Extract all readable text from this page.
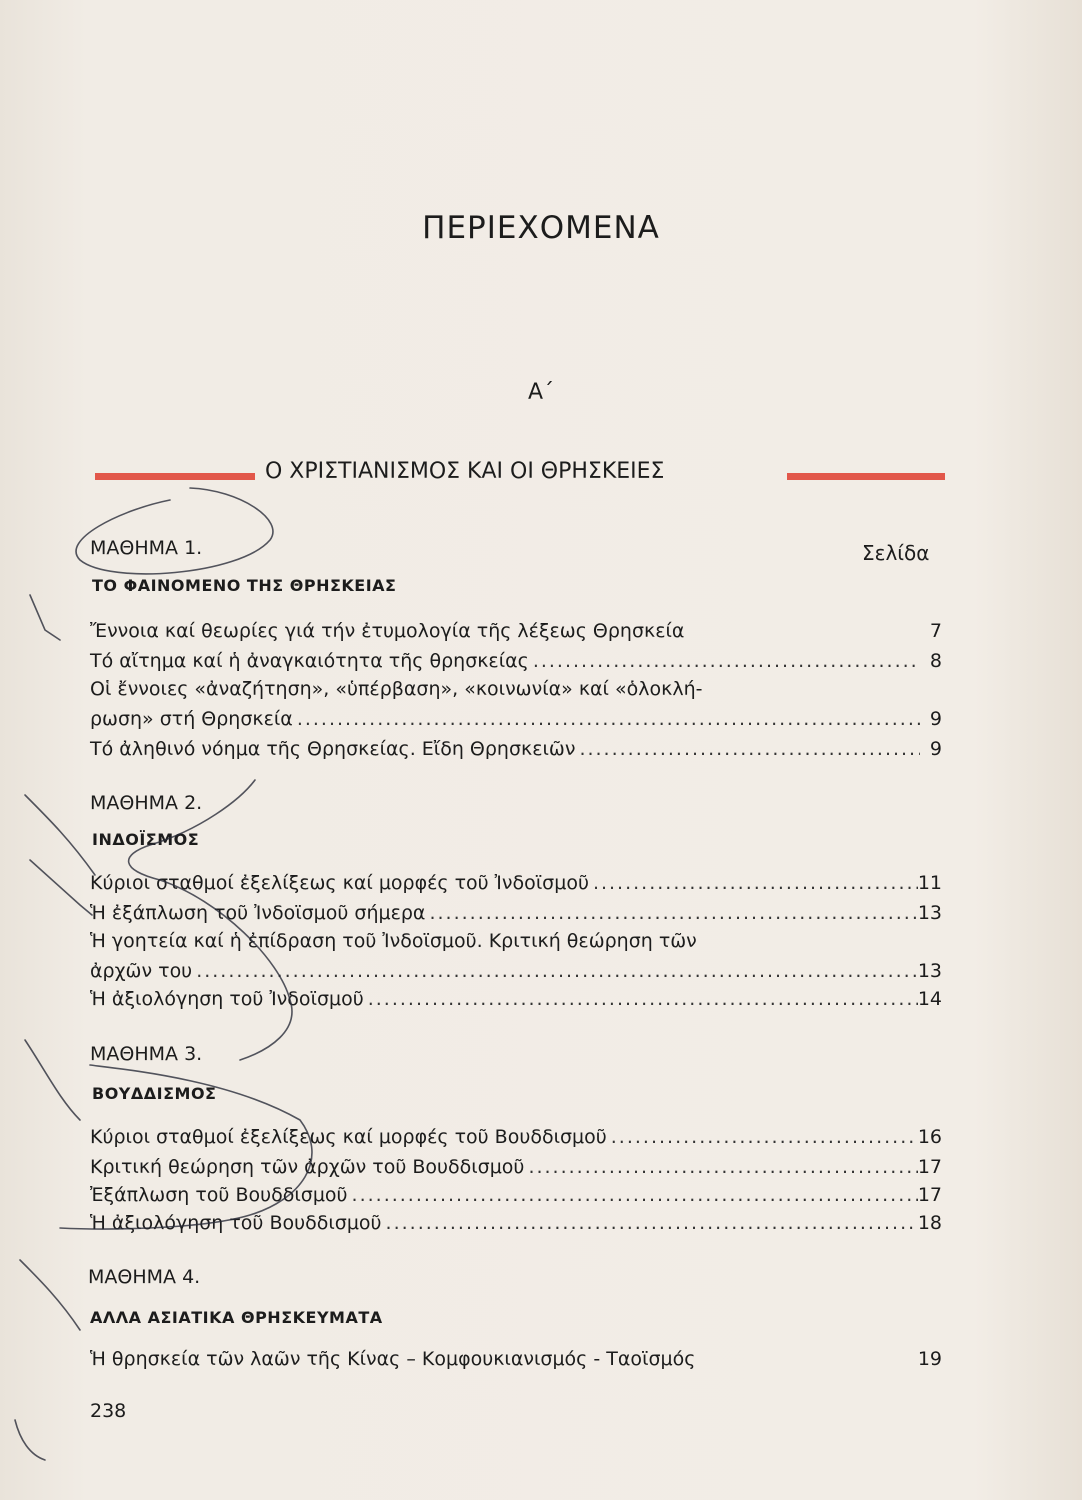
ΠΕΡΙΕΧΟΜΕΝΑ
Α΄
Ο ΧΡΙΣΤΙΑΝΙΣΜΟΣ ΚΑΙ ΟΙ ΘΡΗΣΚΕΙΕΣ
ΜΑΘΗΜΑ 1.	Σελίδα
ΤΟ ΦΑΙΝΟΜΕΝΟ ΤΗΣ ΘΡΗΣΚΕΙΑΣ
Ἔννοια καί θεωρίες γιά τήν ἐτυμολογία τῆς λέξεως Θρησκεία	7
Τό αἴτημα καί ἡ ἀναγκαιότητα τῆς θρησκείας .....	8
Οἱ ἔννοιες «ἀναζήτηση», «ὑπέρβαση», «κοινωνία» καί «ὁλοκλή-
ρωση» στή Θρησκεία .....	9
Τό ἀληθινό νόημα τῆς Θρησκείας. Εἴδη Θρησκειῶν .....	9
ΜΑΘΗΜΑ 2.
ΙΝΔΟΪΣΜΟΣ
Κύριοι σταθμοί ἐξελίξεως καί μορφές τοῦ Ἰνδοϊσμοῦ .....	11
Ἡ ἐξάπλωση τοῦ Ἰνδοϊσμοῦ σήμερα .....	13
Ἡ γοητεία καί ἡ ἐπίδραση τοῦ Ἰνδοϊσμοῦ. Κριτική θεώρηση τῶν
ἀρχῶν του .....	13
Ἡ ἀξιολόγηση τοῦ Ἰνδοϊσμοῦ .....	14
ΜΑΘΗΜΑ 3.
ΒΟΥΔΔΙΣΜΟΣ
Κύριοι σταθμοί ἐξελίξεως καί μορφές τοῦ Βουδδισμοῦ .....	16
Κριτική θεώρηση τῶν ἀρχῶν τοῦ Βουδδισμοῦ .....	17
Ἐξάπλωση τοῦ Βουδδισμοῦ .....	17
Ἡ ἀξιολόγηση τοῦ Βουδδισμοῦ .....	18
ΜΑΘΗΜΑ 4.
ΑΛΛΑ ΑΣΙΑΤΙΚΑ ΘΡΗΣΚΕΥΜΑΤΑ
Ἡ θρησκεία τῶν λαῶν τῆς Κίνας – Κομφουκιανισμός - Ταοϊσμός	19
238
